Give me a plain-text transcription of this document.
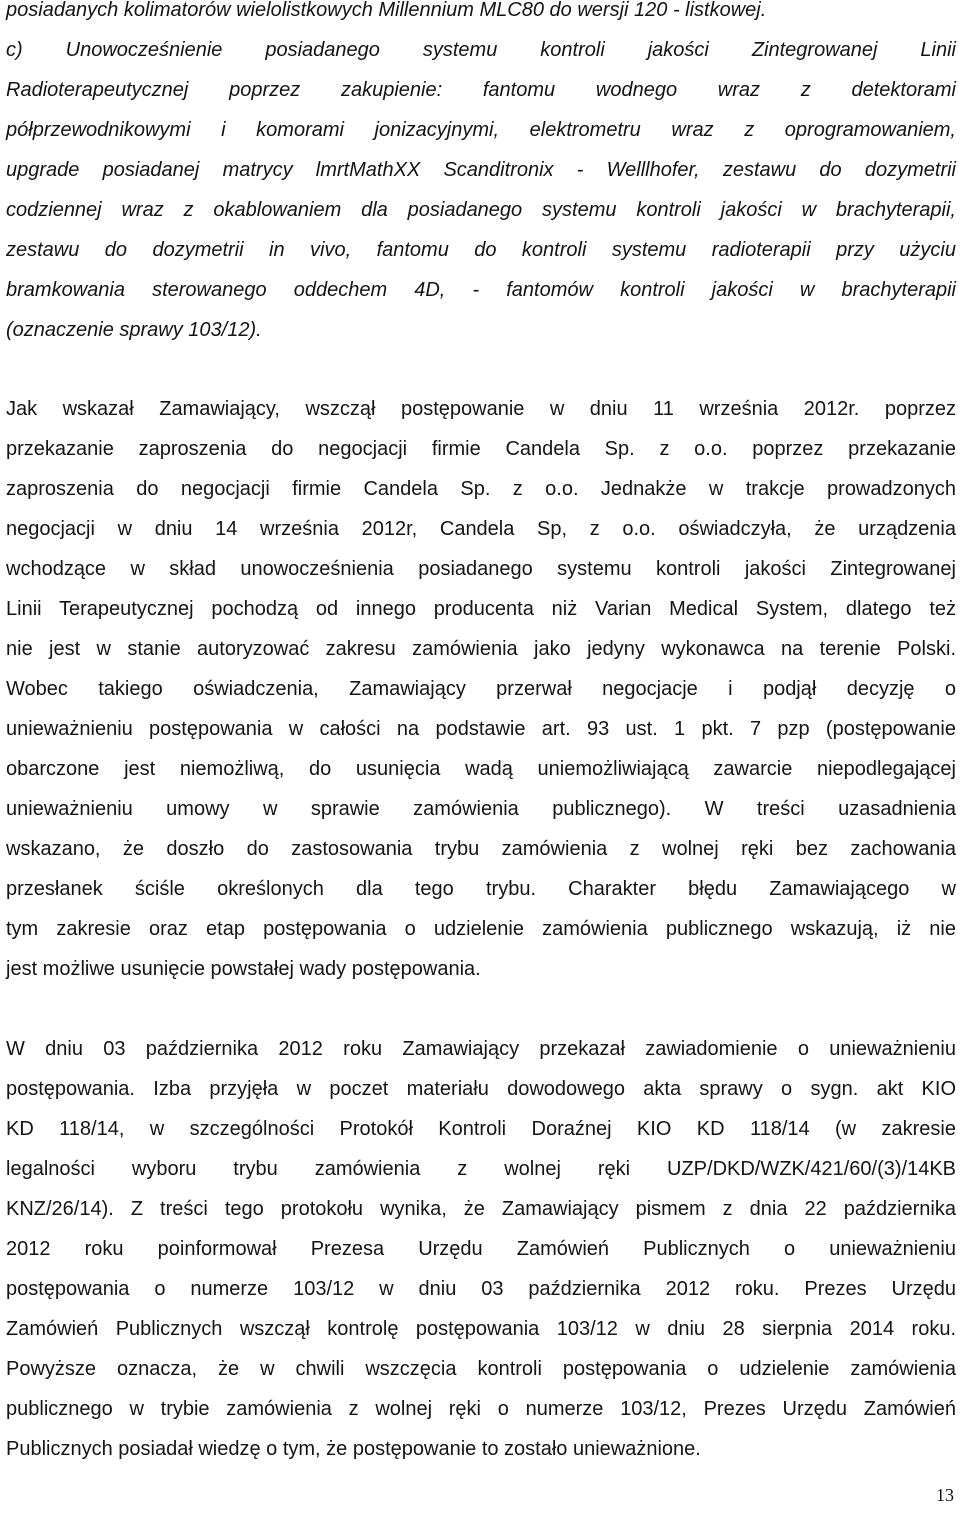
posiadanych kolimatorów wielolistkowych Millennium MLC80 do wersji 120 - listkowej.
c) Unowocześnienie posiadanego systemu kontroli jakości Zintegrowanej Linii
Radioterapeutycznej poprzez zakupienie: fantomu wodnego wraz z detektorami
półprzewodnikowymi i komorami jonizacyjnymi, elektrometru wraz z oprogramowaniem,
upgrade posiadanej matrycy lmrtMathXX Scanditronix - Welllhofer, zestawu do dozymetrii
codziennej wraz z okablowaniem dla posiadanego systemu kontroli jakości w brachyterapii,
zestawu do dozymetrii in vivo, fantomu do kontroli systemu radioterapii przy użyciu
bramkowania sterowanego oddechem 4D, - fantomów kontroli jakości w brachyterapii
(oznaczenie sprawy 103/12).
Jak wskazał Zamawiający, wszczął postępowanie w dniu 11 września 2012r. poprzez
przekazanie zaproszenia do negocjacji firmie Candela Sp. z o.o. poprzez przekazanie
zaproszenia do negocjacji firmie Candela Sp. z o.o. Jednakże w trakcje prowadzonych
negocjacji w dniu 14 września 2012r, Candela Sp, z o.o. oświadczyła, że urządzenia
wchodzące w skład unowocześnienia posiadanego systemu kontroli jakości Zintegrowanej
Linii Terapeutycznej pochodzą od innego producenta niż Varian Medical System, dlatego też
nie jest w stanie autoryzować zakresu zamówienia jako jedyny wykonawca na terenie Polski.
Wobec takiego oświadczenia, Zamawiający przerwał negocjacje i podjął decyzję o
unieważnieniu postępowania w całości na podstawie art. 93 ust. 1 pkt. 7 pzp (postępowanie
obarczone jest niemożliwą, do usunięcia wadą uniemożliwiającą zawarcie niepodlegającej
unieważnieniu umowy w sprawie zamówienia publicznego). W treści uzasadnienia
wskazano, że doszło do zastosowania trybu zamówienia z wolnej ręki bez zachowania
przesłanek ściśle określonych dla tego trybu. Charakter błędu Zamawiającego w
tym zakresie oraz etap postępowania o udzielenie zamówienia publicznego wskazują, iż nie
jest możliwe usunięcie powstałej wady postępowania.
W dniu 03 października 2012 roku Zamawiający przekazał zawiadomienie o unieważnieniu
postępowania. Izba przyjęła w poczet materiału dowodowego akta sprawy o sygn. akt KIO
KD 118/14, w szczególności Protokół Kontroli Doraźnej KIO KD 118/14 (w zakresie
legalności wyboru trybu zamówienia z wolnej ręki UZP/DKD/WZK/421/60/(3)/14KB
KNZ/26/14). Z treści tego protokołu wynika, że Zamawiający pismem z dnia 22 października
2012 roku poinformował Prezesa Urzędu Zamówień Publicznych o unieważnieniu
postępowania o numerze 103/12 w dniu 03 października 2012 roku. Prezes Urzędu
Zamówień Publicznych wszczął kontrolę postępowania 103/12 w dniu 28 sierpnia 2014 roku.
Powyższe oznacza, że w chwili wszczęcia kontroli postępowania o udzielenie zamówienia
publicznego w trybie zamówienia z wolnej ręki o numerze 103/12, Prezes Urzędu Zamówień
Publicznych posiadał wiedzę o tym, że postępowanie to zostało unieważnione.
13
